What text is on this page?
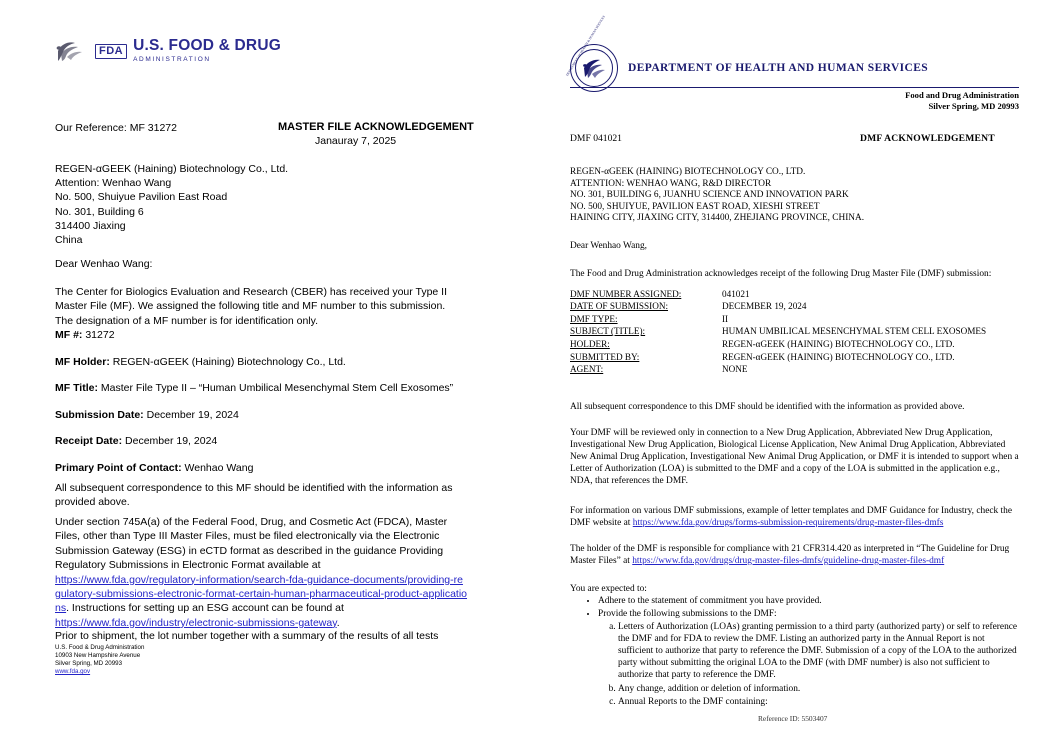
FDA U.S. FOOD & DRUG
ADMINISTRATION
Our Reference: MF 31272	MASTER FILE ACKNOWLEDGEMENT
Janauray 7, 2025
REGEN-αGEEK (Haining) Biotechnology Co., Ltd.
Attention: Wenhao Wang
No. 500, Shuiyue Pavilion East Road
No. 301, Building 6
314400 Jiaxing
China
Dear Wenhao Wang:
The Center for Biologics Evaluation and Research (CBER) has received your Type II Master File (MF). We assigned the following title and MF number to this submission. The designation of a MF number is for identification only.
MF #: 31272
MF Holder: REGEN-αGEEK (Haining) Biotechnology Co., Ltd.
MF Title: Master File Type II – “Human Umbilical Mesenchymal Stem Cell Exosomes”
Submission Date: December 19, 2024
Receipt Date: December 19, 2024
Primary Point of Contact: Wenhao Wang
All subsequent correspondence to this MF should be identified with the information as provided above.
Under section 745A(a) of the Federal Food, Drug, and Cosmetic Act (FDCA), Master Files, other than Type III Master Files, must be filed electronically via the Electronic Submission Gateway (ESG) in eCTD format as described in the guidance Providing Regulatory Submissions in Electronic Format available at
https://www.fda.gov/regulatory-information/search-fda-guidance-documents/providing-regulatory-submissions-electronic-format-certain-human-pharmaceutical-product-applications. Instructions for setting up an ESG account can be found at
https://www.fda.gov/industry/electronic-submissions-gateway.
Prior to shipment, the lot number together with a summary of the results of all tests
U.S. Food & Drug Administration
10903 New Hampshire Avenue
Silver Spring, MD 20993
www.fda.gov
DEPARTMENT OF HEALTH & HUMAN SERVICES DEPARTMENT OF HEALTH AND HUMAN SERVICES
Food and Drug Administration
Silver Spring, MD 20993
DMF 041021	DMF ACKNOWLEDGEMENT
REGEN-αGEEK (HAINING) BIOTECHNOLOGY CO., LTD.
ATTENTION: WENHAO WANG, R&D DIRECTOR
NO. 301, BUILDING 6, JUANHU SCIENCE AND INNOVATION PARK
NO. 500, SHUIYUE, PAVILION EAST ROAD, XIESHI STREET
HAINING CITY, JIAXING CITY, 314400, ZHEJIANG PROVINCE, CHINA.
Dear Wenhao Wang,
The Food and Drug Administration acknowledges receipt of the following Drug Master File (DMF) submission:
DMF NUMBER ASSIGNED:	041021
DATE OF SUBMISSION:	DECEMBER 19, 2024
DMF TYPE:	II
SUBJECT (TITLE):	HUMAN UMBILICAL MESENCHYMAL STEM CELL EXOSOMES
HOLDER:	REGEN-αGEEK (HAINING) BIOTECHNOLOGY CO., LTD.
SUBMITTED BY:	REGEN-αGEEK (HAINING) BIOTECHNOLOGY CO., LTD.
AGENT:	NONE
All subsequent correspondence to this DMF should be identified with the information as provided above.
Your DMF will be reviewed only in connection to a New Drug Application, Abbreviated New Drug Application, Investigational New Drug Application, Biological License Application, New Animal Drug Application, Abbreviated New Animal Drug Application, Investigational New Animal Drug Application, or DMF it is intended to support when a Letter of Authorization (LOA) is submitted to the DMF and a copy of the LOA is submitted in the application e.g., NDA, that references the DMF.
For information on various DMF submissions, example of letter templates and DMF Guidance for Industry, check the DMF website at https://www.fda.gov/drugs/forms-submission-requirements/drug-master-files-dmfs
The holder of the DMF is responsible for compliance with 21 CFR314.420 as interpreted in “The Guideline for Drug Master Files” at https://www.fda.gov/drugs/drug-master-files-dmfs/guideline-drug-master-files-dmf
You are expected to:
• Adhere to the statement of commitment you have provided.
• Provide the following submissions to the DMF:
a. Letters of Authorization (LOAs) granting permission to a third party (authorized party) or self to reference the DMF and for FDA to review the DMF. Listing an authorized party in the Annual Report is not sufficient to authorize that party to reference the DMF. Submission of a copy of the LOA to the authorized party without submitting the original LOA to the DMF (with DMF number) is also not sufficient to authorize that party to reference the DMF.
b. Any change, addition or deletion of information.
c. Annual Reports to the DMF containing:
Reference ID: 5503407
